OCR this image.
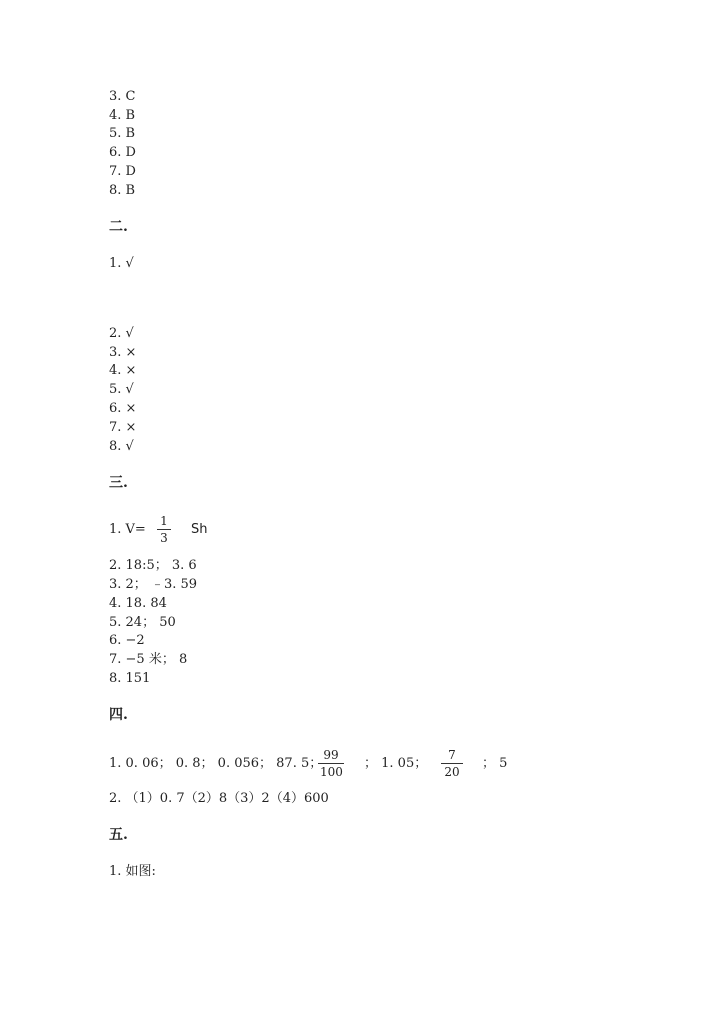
3. C
4. B
5. B
6. D
7. D
8. B
二.
1. √
2. √
3. ×
4. ×
5. √
6. ×
7. ×
8. √
三.
1. V=
1
3
Sh
2. 18:5； 3. 6
3. 2； ﹣3. 59
4. 18. 84
5. 24； 50
6. −2
7. −5 米； 8
8. 151
四.
1. 0. 06； 0. 8； 0. 056； 87. 5；
99
100
； 1. 05；
7
20
； 5
2. （1）0. 7（2）8（3）2（4）600
五.
1. 如图:
